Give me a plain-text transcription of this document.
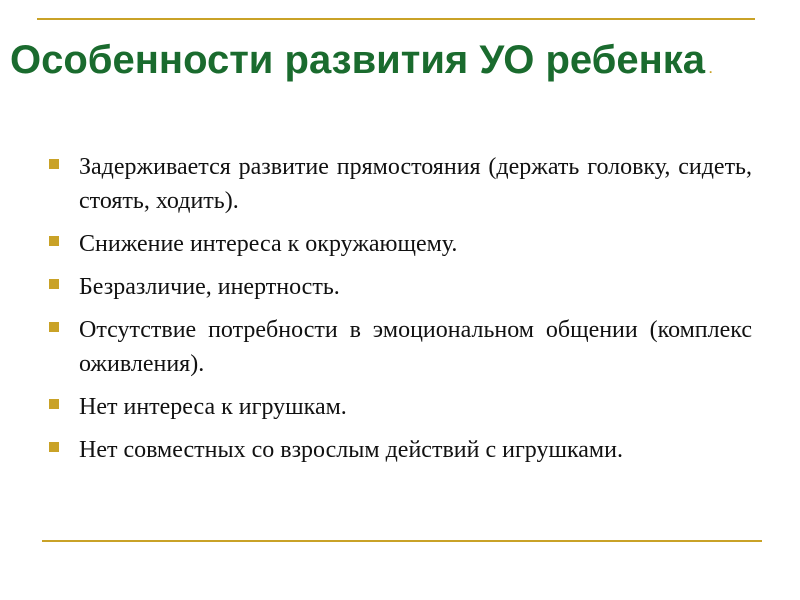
Особенности развития УО ребенка .
Задерживается развитие прямостояния (держать головку, сидеть, стоять, ходить).
Снижение интереса к окружающему.
Безразличие, инертность.
Отсутствие потребности в эмоциональном общении (комплекс оживления).
Нет интереса к игрушкам.
Нет совместных со взрослым действий с игрушками.
